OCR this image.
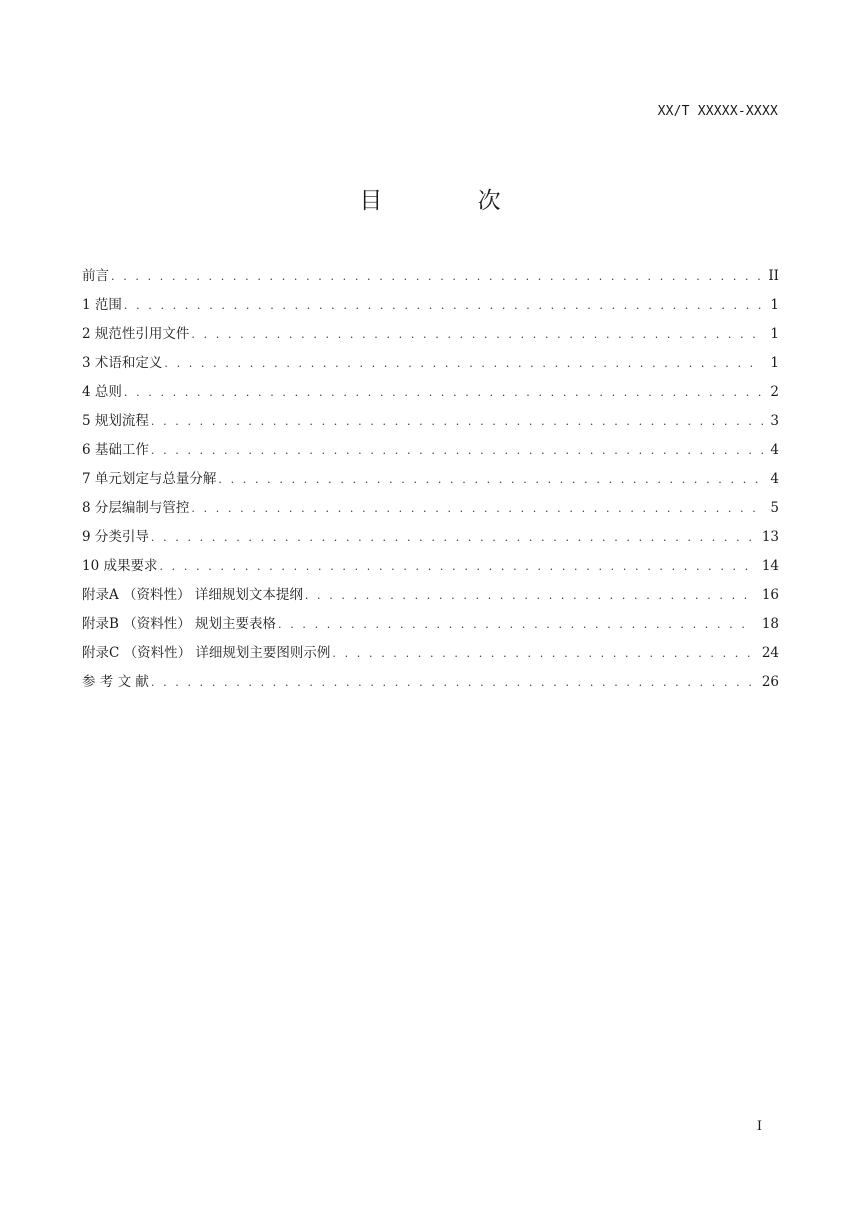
XX/T XXXXX-XXXX
目 次
前言 . . .	II
1 范围 . . .	1
2 规范性引用文件 . . .	1
3 术语和定义 . . .	1
4 总则 . . .	2
5 规划流程 . . .	3
6 基础工作 . . .	4
7 单元划定与总量分解 . . .	4
8 分层编制与管控 . . .	5
9 分类引导 . . .	13
10 成果要求 . . .	14
附录A （资料性） 详细规划文本提纲 . . .	16
附录B （资料性） 规划主要表格 . . .	18
附录C （资料性） 详细规划主要图则示例 . . .	24
参 考 文 献 . . .	26
I
